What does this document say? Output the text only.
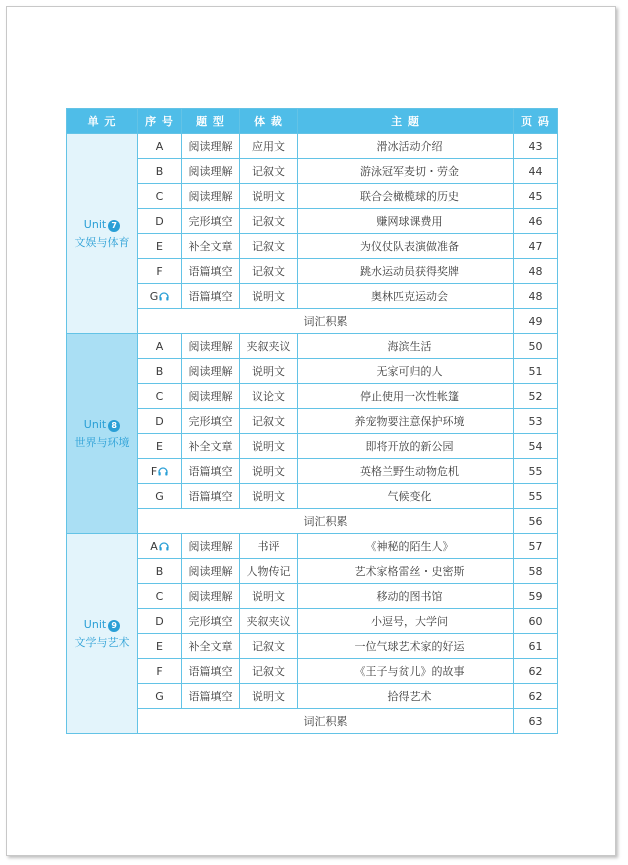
单 元	序 号	题 型	体 裁	主 题	页 码

Unit 7
文娱与体育	A	阅读理解	应用文	滑冰活动介绍	43
	B	阅读理解	记叙文	游泳冠军麦切・劳金	44
	C	阅读理解	说明文	联合会橄榄球的历史	45
	D	完形填空	记叙文	赚网球课费用	46
	E	补全文章	记叙文	为仪仗队表演做准备	47
	F	语篇填空	记叙文	跳水运动员获得奖牌	48
	G	语篇填空	说明文	奥林匹克运动会	48
	词汇积累				49

Unit 8
世界与环境	A	阅读理解	夹叙夹议	海滨生活	50
	B	阅读理解	说明文	无家可归的人	51
	C	阅读理解	议论文	停止使用一次性帐篷	52
	D	完形填空	记叙文	养宠物要注意保护环境	53
	E	补全文章	说明文	即将开放的新公园	54
	F	语篇填空	说明文	英格兰野生动物危机	55
	G	语篇填空	说明文	气候变化	55
	词汇积累				56

Unit 9
文学与艺术	A	阅读理解	书评	《神秘的陌生人》	57
	B	阅读理解	人物传记	艺术家格雷丝・史密斯	58
	C	阅读理解	说明文	移动的图书馆	59
	D	完形填空	夹叙夹议	小逗号，大学问	60
	E	补全文章	记叙文	一位气球艺术家的好运	61
	F	语篇填空	记叙文	《王子与贫儿》的故事	62
	G	语篇填空	说明文	拾得艺术	62
	词汇积累				63
